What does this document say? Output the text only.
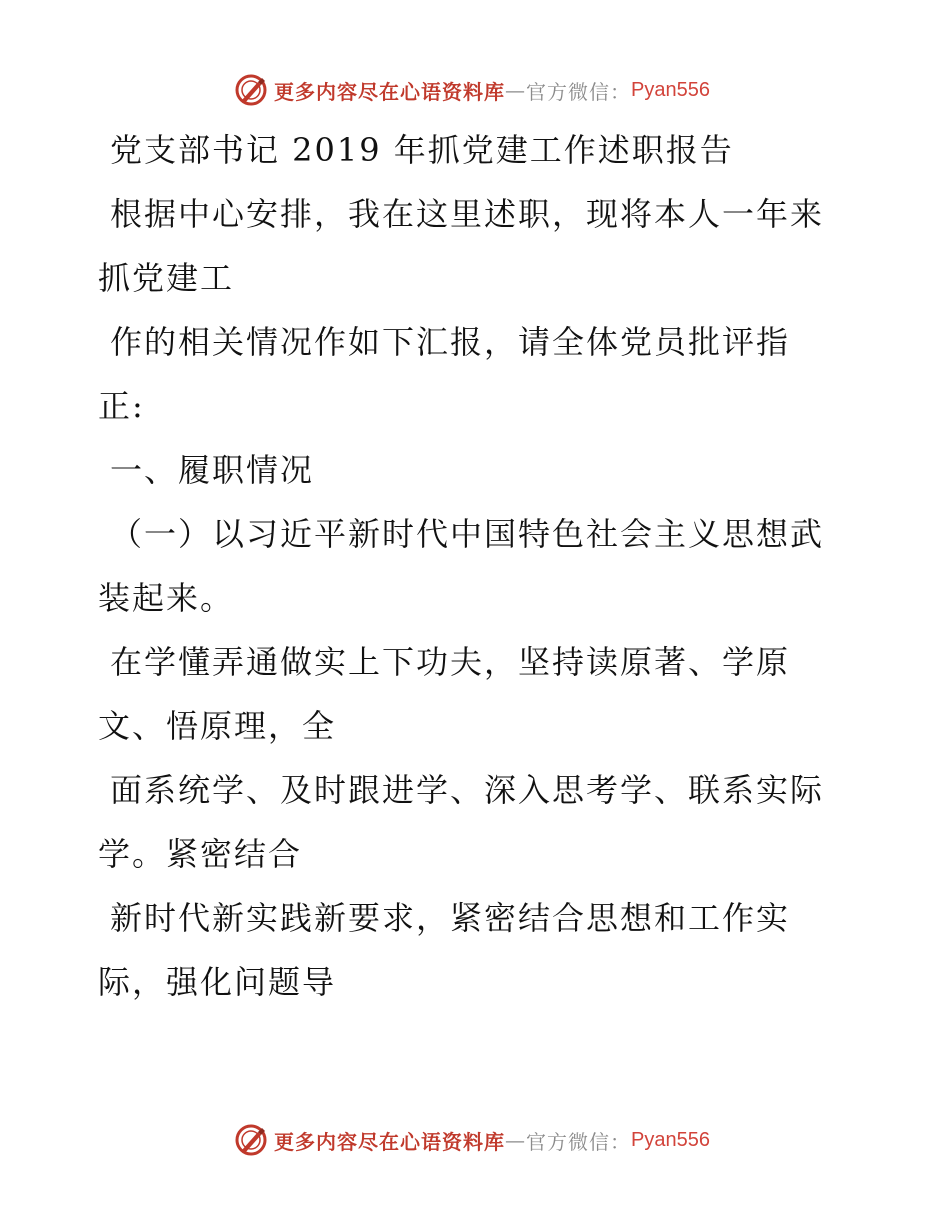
更多内容尽在心语资料库 — 官方微信： Pyan556

党支部书记 2019 年抓党建工作述职报告

根据中心安排，我在这里述职，现将本人一年来

抓党建工

作的相关情况作如下汇报，请全体党员批评指

正:

一、履职情况

（一）以习近平新时代中国特色社会主义思想武

装起来。

在学懂弄通做实上下功夫，坚持读原著、学原

文、悟原理，全

面系统学、及时跟进学、深入思考学、联系实际

学。紧密结合

新时代新实践新要求，紧密结合思想和工作实

际，强化问题导

更多内容尽在心语资料库 — 官方微信： Pyan556
